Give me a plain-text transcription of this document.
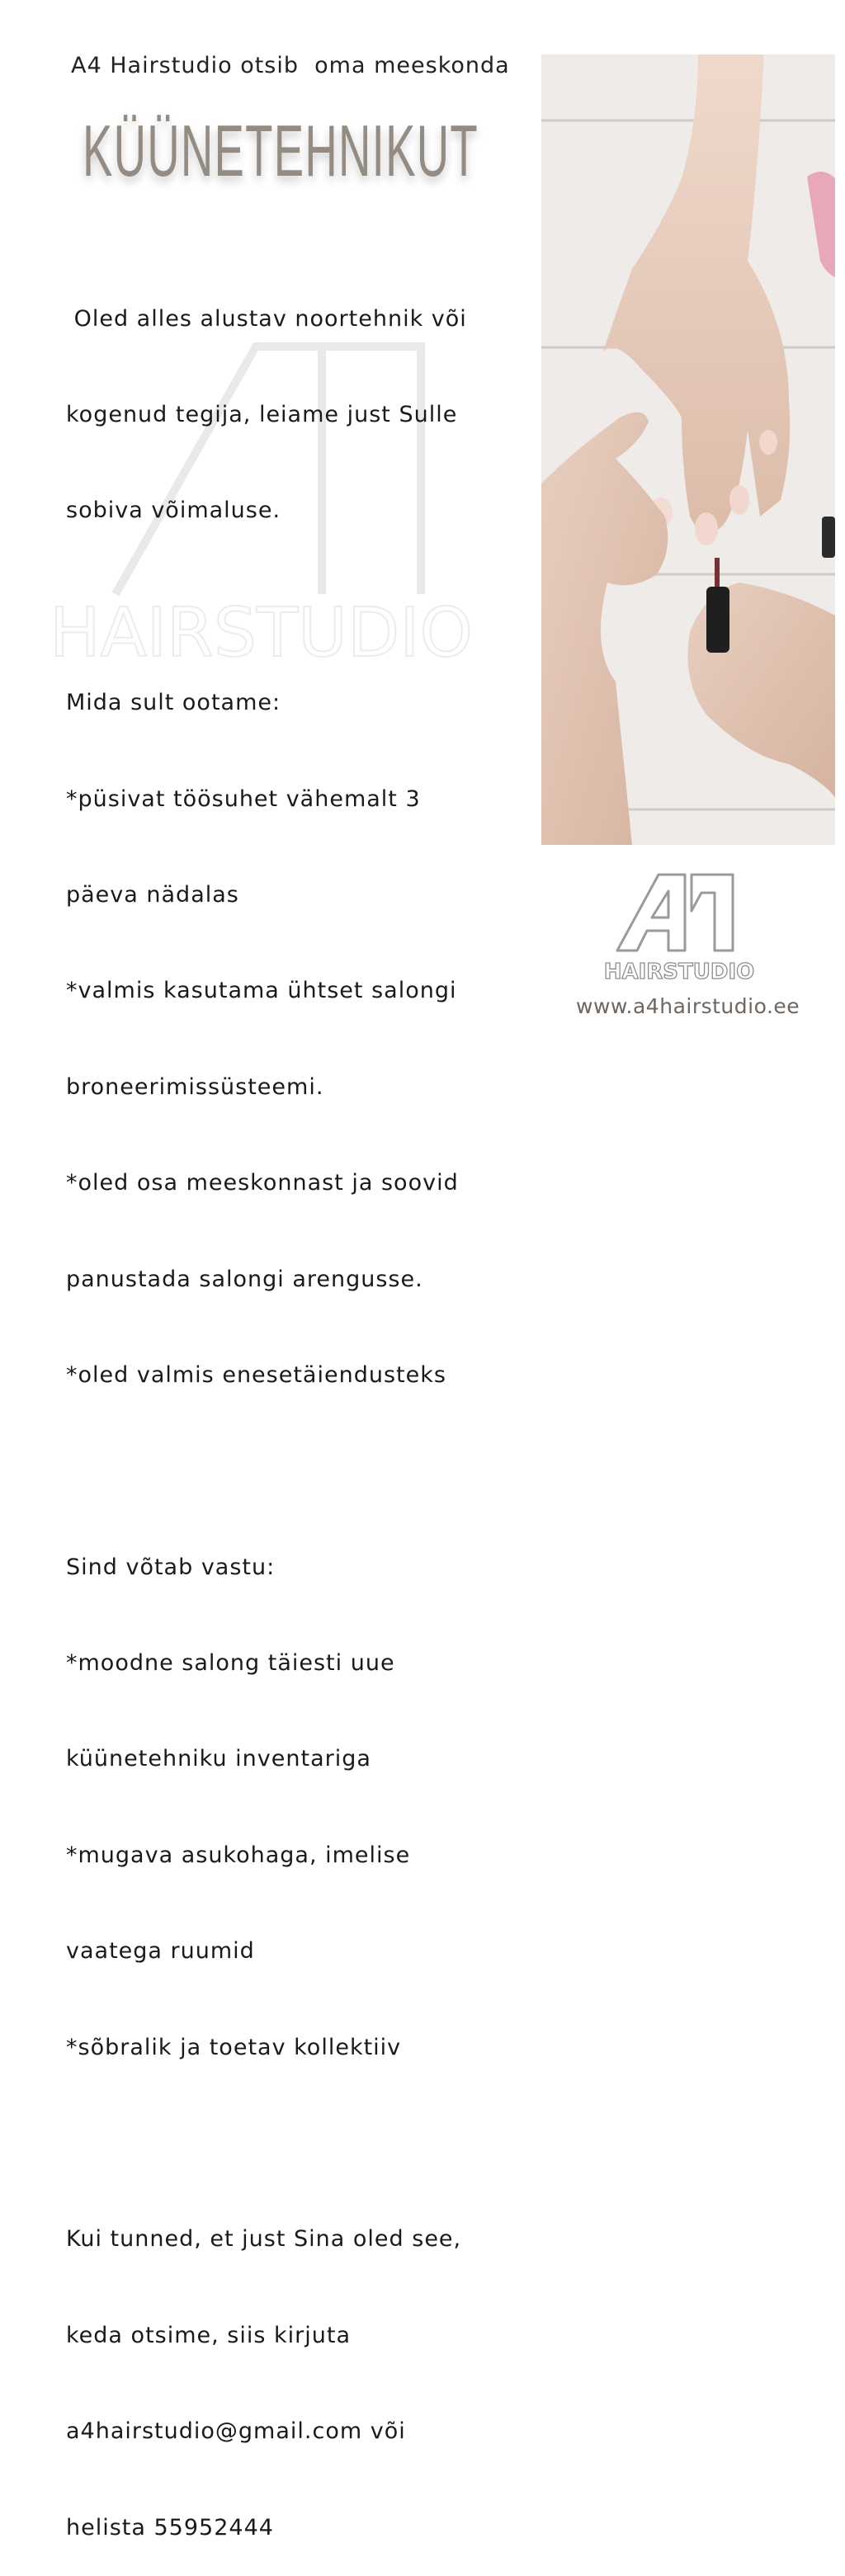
A4 Hairstudio otsib  oma meeskonda
KÜÜNETEHNIKUT
HAIRSTUDIO

Oled alles alustav noortehnik või

kogenud tegija, leiame just Sulle

sobiva võimaluse.

Mida sult ootame:

*püsivat töösuhet vähemalt 3

päeva nädalas

*valmis kasutama ühtset salongi

broneerimissüsteemi.

*oled osa meeskonnast ja soovid

panustada salongi arengusse.

*oled valmis enesetäiendusteks

Sind võtab vastu:

*moodne salong täiesti uue

küünetehniku inventariga

*mugava asukohaga, imelise

vaatega ruumid

*sõbralik ja toetav kollektiiv

Kui tunned, et just Sina oled see,

keda otsime, siis kirjuta

a4hairstudio@gmail.com või

helista 55952444

HAIRSTUDIO
www.a4hairstudio.ee
